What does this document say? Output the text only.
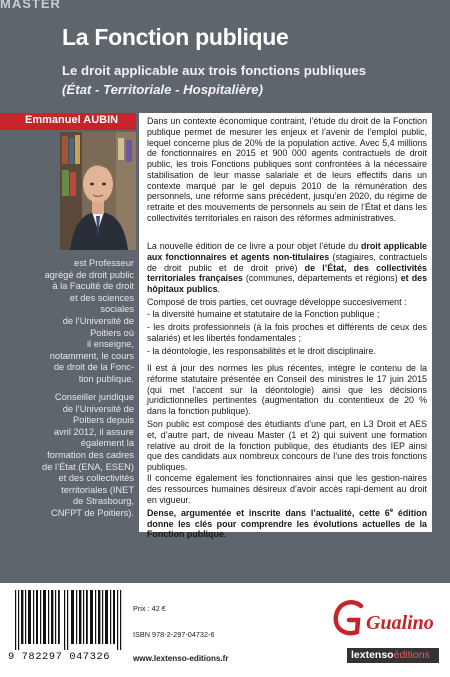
MASTER
La Fonction publique
Le droit applicable aux trois fonctions publiques
(État - Territoriale - Hospitalière)
Emmanuel AUBIN
est Professeur
agrégé de droit public
à la Faculté de droit
et des sciences
sociales
de l’Université de
Poitiers où
il enseigne,
notamment, le cours
de droit de la Fonc-
tion publique.
Conseiller juridique
de l’Université de
Poitiers depuis
avril 2012, il assure
également la
formation des cadres
de l’État (ENA, ESEN)
et des collectivités
territoriales (INET
de Strasbourg,
CNFPT de Poitiers).
Dans un contexte économique contraint, l’étude du droit de la Fonction publique permet de mesurer les enjeux et l’avenir de l’emploi public, lequel concerne plus de 20% de la population active. Avec 5,4 millions de fonctionnaires en 2015 et 900 000 agents contractuels de droit public, les trois Fonctions publiques sont confrontées à la nécessaire stabilisation de leur masse salariale et de leurs effectifs dans un contexte marqué par le gel depuis 2010 de la rémunération des personnels, une réforme sans précédent, jusqu’en 2020, du régime de retraite et des mouvements de personnels au sein de l’État et dans les collectivités territoriales en raison des réformes administratives.
La nouvelle édition de ce livre a pour objet l’étude du droit applicable aux fonctionnaires et agents non-titulaires (stagiaires, contractuels de droit public et de droit privé) de l’État, des collectivités territoriales françaises (communes, départements et régions) et des hôpitaux publics.
Composé de trois parties, cet ouvrage développe succesivement :
- la diversité humaine et statutaire de la Fonction publique ;
- les droits professionnels (à la fois proches et différents de ceux des salariés) et les libertés fondamentales ;
- la déontologie, les responsabilités et le droit disciplinaire.
Il est à jour des normes les plus récentes, intègre le contenu de la réforme statutaire présentée en Conseil des ministres le 17 juin 2015 (qui met l’accent sur la déontologie) ainsi que les décisions juridictionnelles pertinentes (augmentation du contentieux de 20 % dans la fonction publique).
Son public est composé des étudiants d’une part, en L3 Droit et AES et, d’autre part, de niveau Master (1 et 2) qui suivent une formation relative au droit de la fonction publique, des étudiants des IEP ainsi que des candidats aux nombreux concours de l’une des trois fonctions publiques.
Il concerne également les fonctionnaires ainsi que les gestion-naires des ressources humaines désireux d’avoir accès rapi-dement au droit en vigueur.
Dense, argumentée et inscrite dans l’actualité, cette 6e édition donne les clés pour comprendre les évolutions actuelles de la Fonction publique.
9 782297 047326
Prix : 42 €
ISBN 978-2-297-04732-6
www.lextenso-editions.fr
Gualino
lextensoéditions
